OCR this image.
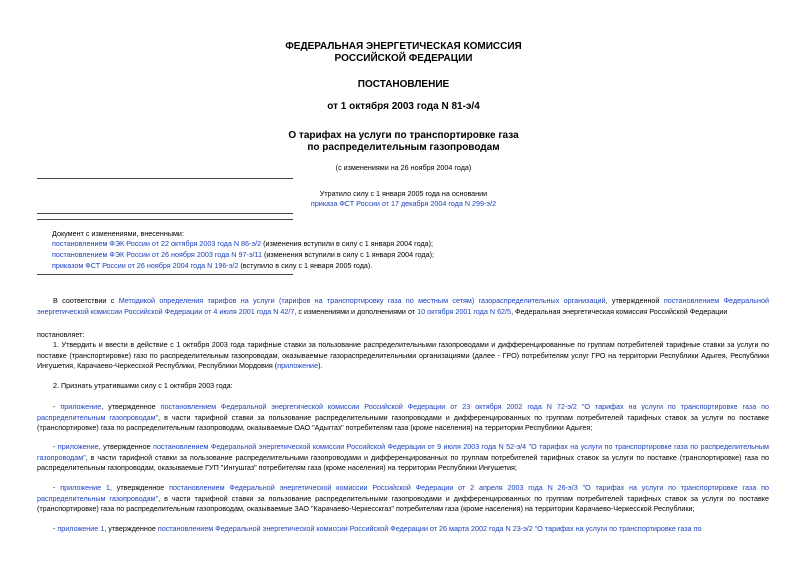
ФЕДЕРАЛЬНАЯ ЭНЕРГЕТИЧЕСКАЯ КОМИССИЯ
РОССИЙСКОЙ ФЕДЕРАЦИИ
ПОСТАНОВЛЕНИЕ
от 1 октября 2003 года N 81-э/4
О тарифах на услуги по транспортировке газа
по распределительным газопроводам
(с изменениями на 26 ноября 2004 года)
Утратило силу с 1 января 2005 года на основании
приказа ФСТ России от 17 декабря 2004 года N 299-э/2
Документ с изменениями, внесенными:
постановлением ФЭК России от 22 октября 2003 года N 86-э/2 (изменения вступили в силу с 1 января 2004 года);
постановлением ФЭК России от 26 ноября 2003 года N 97-э/11 (изменения вступили в силу с 1 января 2004 года);
приказом ФСТ России от 26 ноября 2004 года N 196-э/2 (вступило в силу с 1 января 2005 года).
В соответствии с Методикой определения тарифов на услуги (тарифов на транспортировку газа по местным сетям) газораспределительных организаций, утвержденной постановлением Федеральной энергетической комиссии Российской Федерации от 4 июля 2001 года N 42/7, с изменениями и дополнениями от 10 октября 2001 года N 62/5, Федеральная энергетическая комиссия Российской Федерации
постановляет:
1. Утвердить и ввести в действие с 1 октября 2003 года тарифные ставки за пользование распределительными газопроводами и дифференцированные по группам потребителей тарифные ставки за услуги по поставке (транспортировке) газо по распределительным газопроводам, оказываемые газораспределительными организациями (далее - ГРО) потребителям услуг ГРО на территории Республики Адыгея, Республики Ингушетия, Карачаево-Черкесской Республики, Республики Мордовия (приложение).
2. Признать утратившими силу с 1 октября 2003 года:
- приложение, утвержденное постановлением Федеральной энергетической комиссии Российской Федерации от 23 октября 2002 года N 72-э/2 "О тарифах на услуги по транспортировке газа по распределительным газопроводам", в части тарифной ставки за пользование распределительными газопроводами и дифференцированных по группам потребителей тарифных ставок за услуги по поставке (транспортировке) газа по распределительным газопроводам, оказываемые ОАО "Адыггаз" потребителям газа (кроме населения) на территории Республики Адыгея;
- приложение, утвержденное постановлением Федеральной энергетической комиссии Российской Федерации от 9 июля 2003 года N 52-э/4 "О тарифах на услуги по транспортировке газа по распределительным газопроводам", в части тарифной ставки за пользование распределительными газопроводами и дифференцированных по группам потребителей тарифных ставок за услуги по поставке (транспортировке) газа по распределительным газопроводам, оказываемые ГУП "Ингушгаз" потребителям газа (кроме населения) на территории Республики Ингушетия;
- приложение 1, утвержденное постановлением Федеральной энергетической комиссии Российской Федерации от 2 апреля 2003 года N 26-э/3 "О тарифах на услуги по транспортировке газа по распределительным газопроводам", в части тарифной ставки за пользование распределительными газопроводами и дифференцированных по группам потребителей тарифных ставок за услуги по поставке (транспортировке) газа по распределительным газопроводам, оказываемые ЗАО "Карачаево-Черкесскгаз" потребителям газа (кроме населения) на территории Карачаево-Черкесской Республики;
- приложение 1, утвержденное постановлением Федеральной энергетической комиссии Российской Федерации от 26 марта 2002 года N 23-э/2 "О тарифах на услуги по транспортировке газа по
